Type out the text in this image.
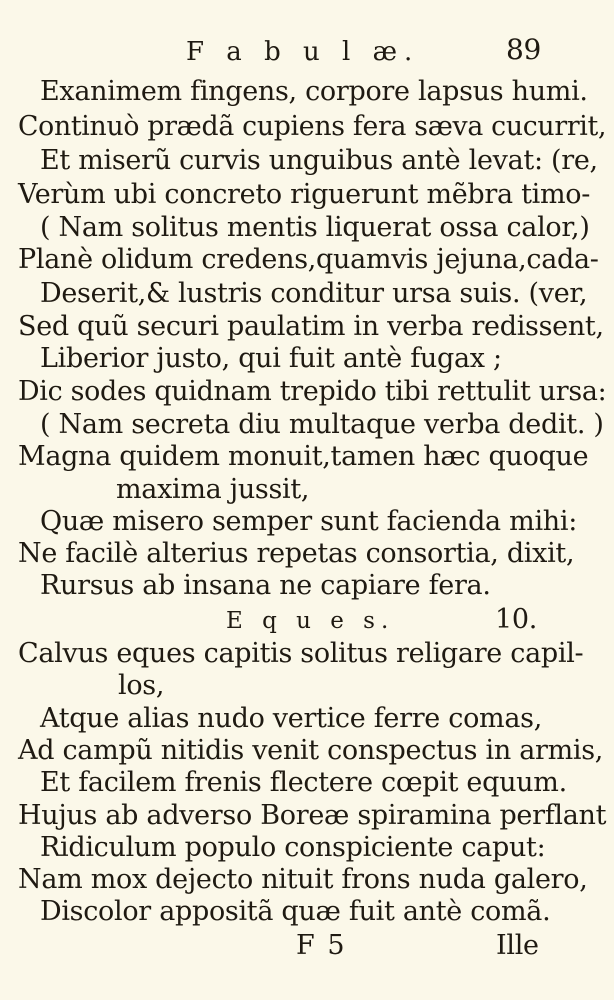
F a b u l æ.	89
Exanimem fingens, corpore lapsus humi.
Continuò prædã cupiens fera sæva cucurrit,
Et miserũ curvis unguibus antè levat: (re,
Verùm ubi concreto riguerunt mẽbra timo-
( Nam solitus mentis liquerat ossa calor,)
Planè olidum credens,quamvis jejuna,cada-
Deserit,& lustris conditur ursa suis. (ver,
Sed quũ securi paulatim in verba redissent,
Liberior justo, qui fuit antè fugax ;
Dic sodes quidnam trepido tibi rettulit ursa:
( Nam secreta diu multaque verba dedit. )
Magna quidem monuit,tamen hæc quoque
maxima jussit,
Quæ misero semper sunt facienda mihi:
Ne facilè alterius repetas consortia, dixit,
Rursus ab insana ne capiare fera.
E q u e s.	10.
Calvus eques capitis solitus religare capil-
los,
Atque alias nudo vertice ferre comas,
Ad campũ nitidis venit conspectus in armis,
Et facilem frenis flectere cœpit equum.
Hujus ab adverso Boreæ spiramina perflant
Ridiculum populo conspiciente caput:
Nam mox dejecto nituit frons nuda galero,
Discolor appositã quæ fuit antè comã.
F 5	Ille
